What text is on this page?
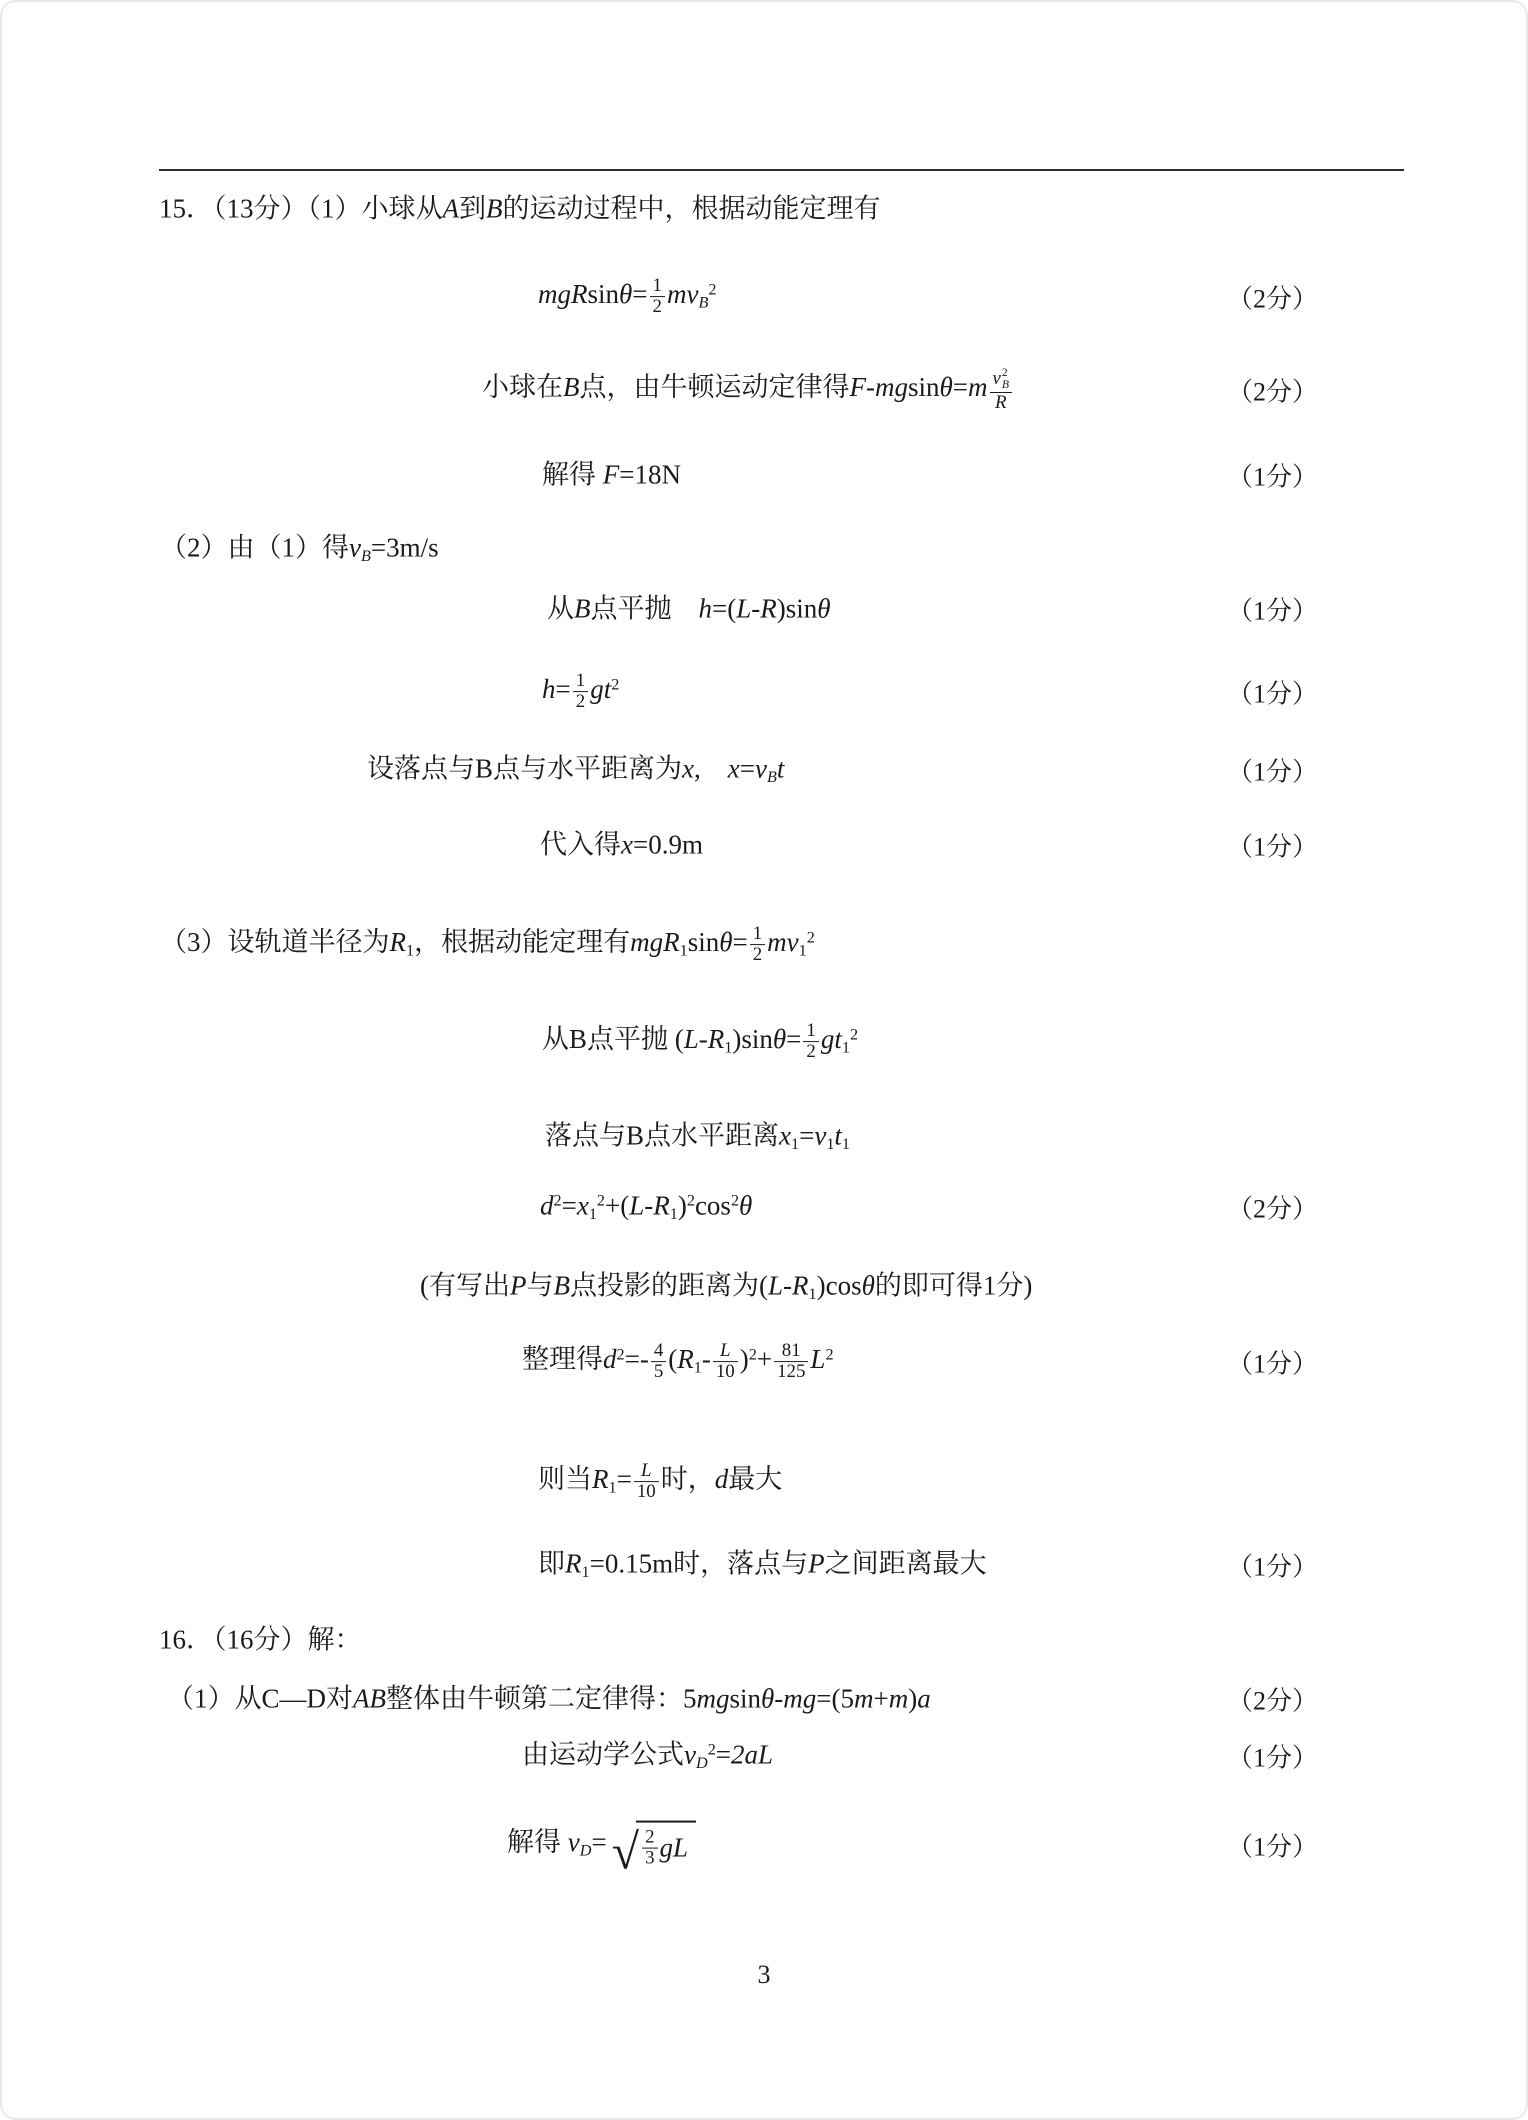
15．（13分）（1）小球从A到B的运动过程中，根据动能定理有
$mgRsin\theta= \frac{1}{2} mv_B^2$	（2分）
小球在B点，由牛顿运动定律得F-mgsinθ=m v 2
B
R	（2分）
解得 F=18N	（1分）
（2）由（1）得$v_B=3m/s$
从B点平抛　h=(L-R)sinθ	（1分）
$h= \frac{1}{2} gt^2$	（1分）
设落点与B点与水平距离为x,　$x=v_Bt$	（1分）
代入得x=0.9m	（1分）
（3）设轨道半径为$R_1$，根据动能定理有$mgR_1\sin\theta= \frac{1}{2} mv_1^2$
从B点平抛 $(L-R_1)\sin\theta= \frac{1}{2} gt_1^2$
落点与B点水平距离$x_1=v_1t_1$
$d^2=x_1^2+(L-R_1)^2\cos^2\theta$	（2分）
(有写出P与B点投影的距离为$(L-R_1)\cos\theta$的即可得1分)
整理得$d^2=- \frac{4}{5} (R_1- \frac{L}{10} )^2+ \frac{81}{125} L^2$	（1分）
则当$R_1= \frac{L}{10}$ 时，d最大
即$R_1=0.15m$时，落点与P之间距离最大	（1分）
16．（16分）解：
（1）从C—D对AB整体由牛顿第二定律得：5mgsinθ-mg=(5m+m)a	（2分）
由运动学公式$v_D^2=2aL$	（1分）
解得 $v_D=$ √ $\frac{2}{3}$ gL	（1分）
3
